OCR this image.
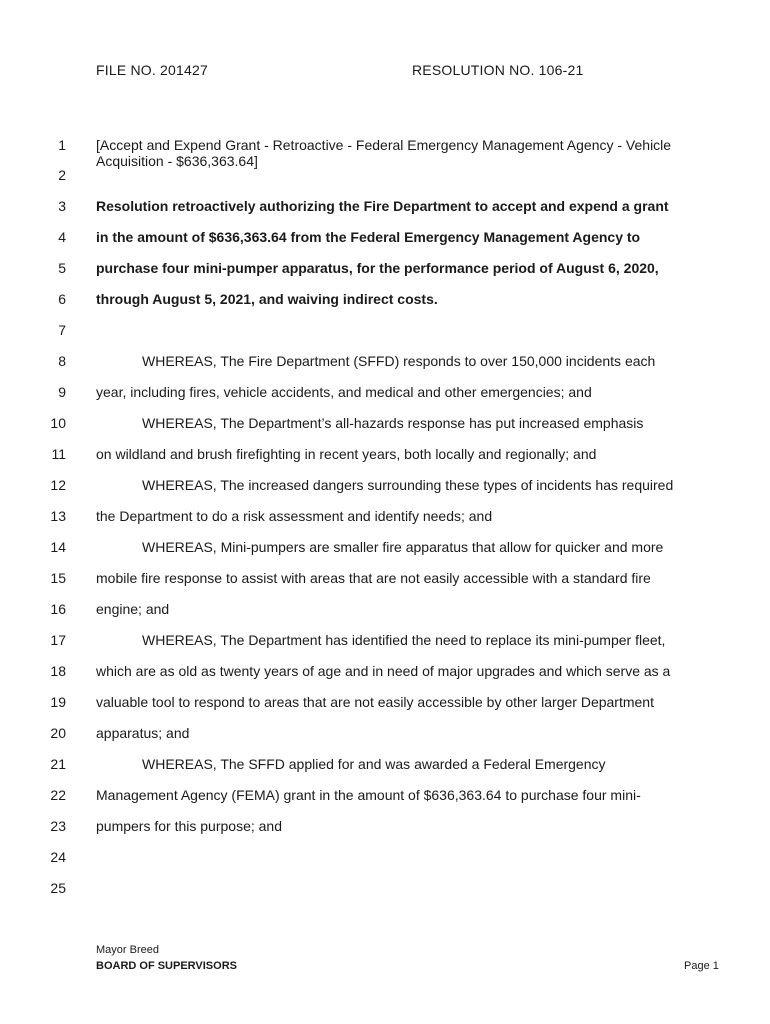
FILE NO. 201427	RESOLUTION NO. 106-21
1
2
3
4
5
6
7
8
9
10
11
12
13
14
15
16
17
18
19
20
21
22
23
24
25
[Accept and Expend Grant - Retroactive - Federal Emergency Management Agency - Vehicle Acquisition - $636,363.64]
Resolution retroactively authorizing the Fire Department to accept and expend a grant
in the amount of $636,363.64 from the Federal Emergency Management Agency to
purchase four mini-pumper apparatus, for the performance period of August 6, 2020,
through August 5, 2021, and waiving indirect costs.
WHEREAS, The Fire Department (SFFD) responds to over 150,000 incidents each
year, including fires, vehicle accidents, and medical and other emergencies; and
WHEREAS, The Department’s all-hazards response has put increased emphasis
on wildland and brush firefighting in recent years, both locally and regionally; and
WHEREAS, The increased dangers surrounding these types of incidents has required
the Department to do a risk assessment and identify needs; and
WHEREAS, Mini-pumpers are smaller fire apparatus that allow for quicker and more
mobile fire response to assist with areas that are not easily accessible with a standard fire
engine; and
WHEREAS, The Department has identified the need to replace its mini-pumper fleet,
which are as old as twenty years of age and in need of major upgrades and which serve as a
valuable tool to respond to areas that are not easily accessible by other larger Department
apparatus; and
WHEREAS, The SFFD applied for and was awarded a Federal Emergency
Management Agency (FEMA) grant in the amount of $636,363.64 to purchase four mini-
pumpers for this purpose; and
Mayor Breed
BOARD OF SUPERVISORS	Page 1
